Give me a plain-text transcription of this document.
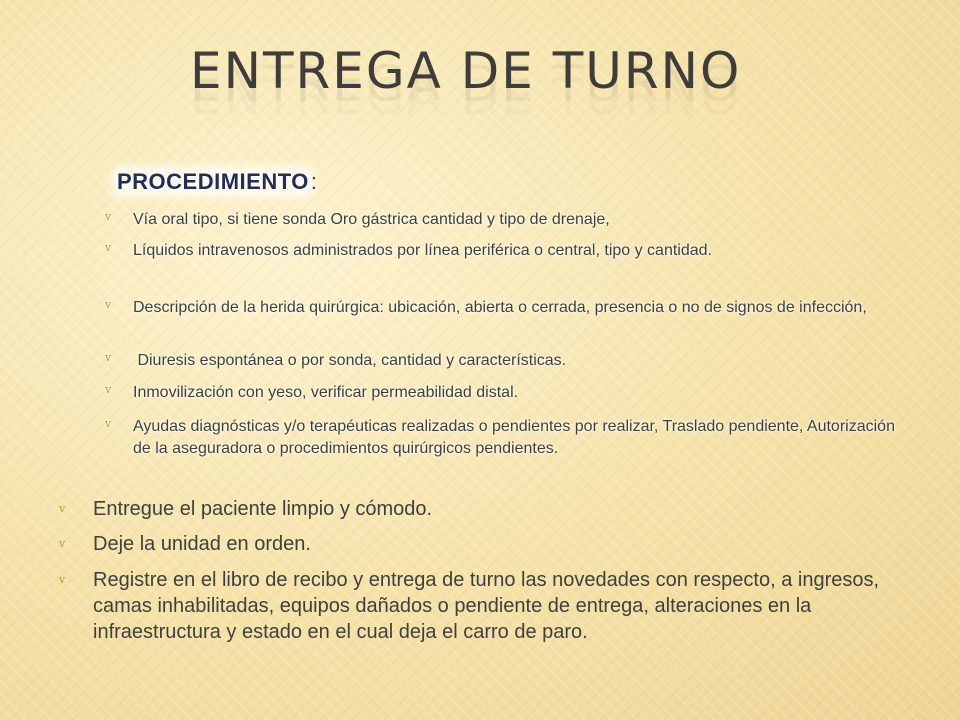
ENTREGA DE TURNO
PROCEDIMIENTO:

v Vía oral tipo, si tiene sonda Oro gástrica cantidad y tipo de drenaje,

v Líquidos intravenosos administrados por línea periférica o central, tipo y cantidad.

v Descripción de la herida quirúrgica: ubicación, abierta o cerrada, presencia o no de signos de infección,

v Diuresis espontánea o por sonda, cantidad y características.

v Inmovilización con yeso, verificar permeabilidad distal.

v Ayudas diagnósticas y/o terapéuticas realizadas o pendientes por realizar, Traslado pendiente, Autorización de la aseguradora o procedimientos quirúrgicos pendientes.

v Entregue el paciente limpio y cómodo.

v Deje la unidad en orden.

v Registre en el libro de recibo y entrega de turno las novedades con respecto, a ingresos, camas inhabilitadas, equipos dañados o pendiente de entrega, alteraciones en la infraestructura y estado en el cual deja el carro de paro.
